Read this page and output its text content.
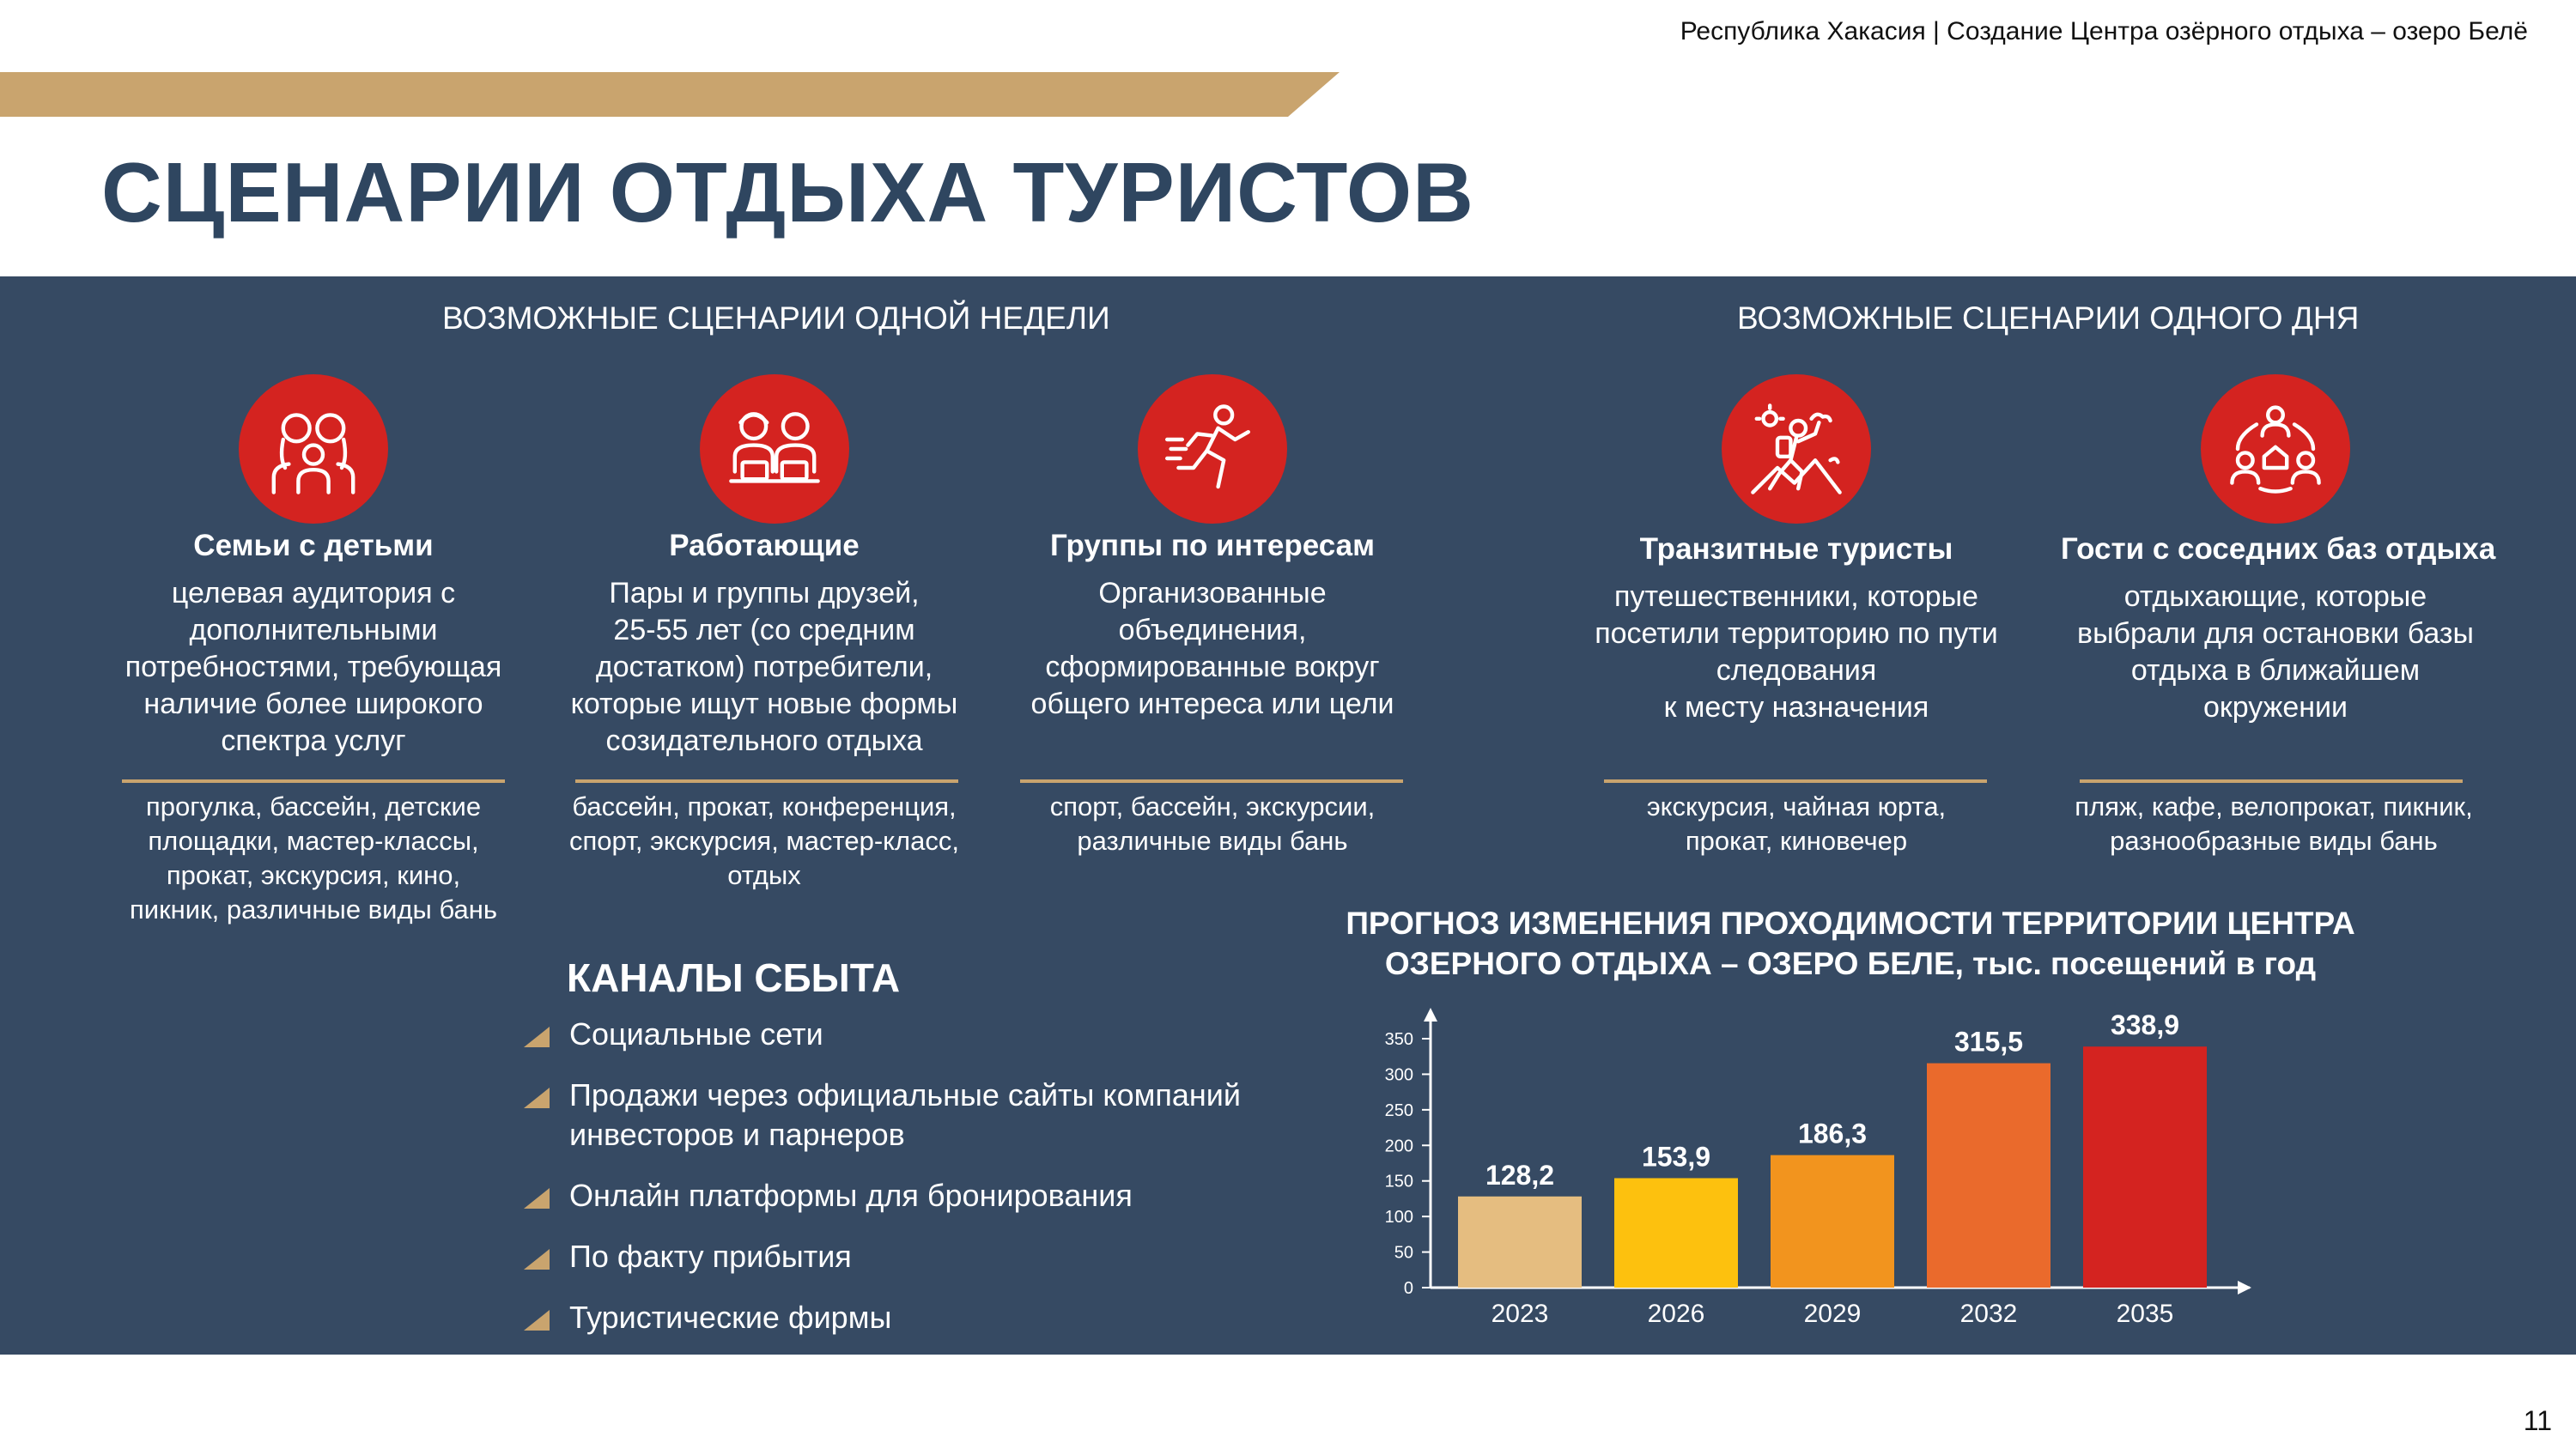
Республика Хакасия | Создание Центра озёрного отдыха – озеро Белё
СЦЕНАРИИ ОТДЫХА ТУРИСТОВ
ВОЗМОЖНЫЕ СЦЕНАРИИ ОДНОЙ НЕДЕЛИ	ВОЗМОЖНЫЕ СЦЕНАРИИ ОДНОГО ДНЯ
Семьи с детьми
целевая аудитория с
дополнительными
потребностями, требующая
наличие более широкого
спектра услуг
Работающие
Пары и группы друзей,
25-55 лет (со средним
достатком) потребители,
которые ищут новые формы
созидательного отдыха
Группы по интересам
Организованные
объединения,
сформированные вокруг
общего интереса или цели
Транзитные туристы
путешественники, которые
посетили территорию по пути
следования
к месту назначения
Гости с соседних баз отдыха
отдыхающие, которые
выбрали для остановки базы
отдыха в ближайшем
окружении
прогулка, бассейн, детские
площадки, мастер-классы,
прокат, экскурсия, кино,
пикник, различные виды бань
бассейн, прокат, конференция,
спорт, экскурсия, мастер-класс,
отдых
спорт, бассейн, экскурсии,
различные виды бань
экскурсия, чайная юрта,
прокат, киновечер
пляж, кафе, велопрокат, пикник,
разнообразные виды бань
КАНАЛЫ СБЫТА
Социальные сети
Продажи через официальные сайты компаний
инвесторов и парнеров
Онлайн платформы для бронирования
По факту прибытия
Туристические фирмы
ПРОГНОЗ ИЗМЕНЕНИЯ ПРОХОДИМОСТИ ТЕРРИТОРИИ ЦЕНТРА
ОЗЕРНОГО ОТДЫХА – ОЗЕРО БЕЛЕ, тыс. посещений в год
0
50
100
150
200
250
300
350
128,2
2023
153,9
2026
186,3
2029
315,5
2032
338,9
2035
11
